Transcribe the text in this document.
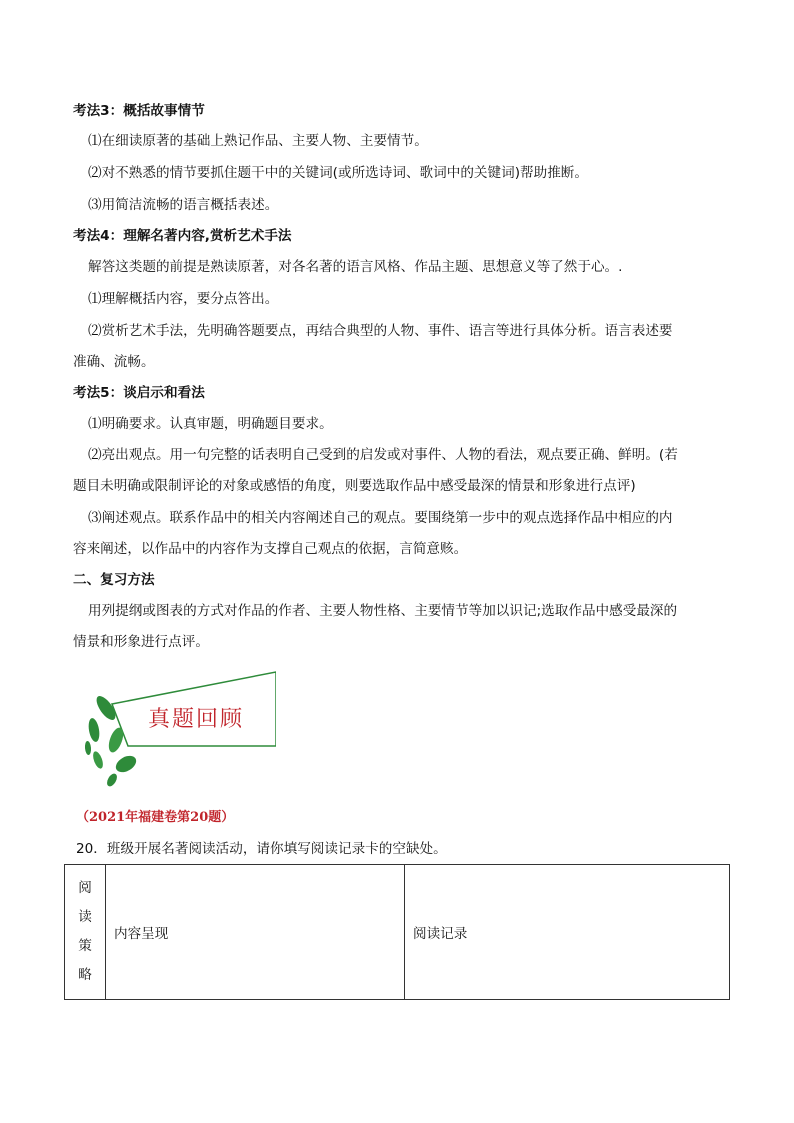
考法3：概括故事情节
⑴在细读原著的基础上熟记作品、主要人物、主要情节。
⑵对不熟悉的情节要抓住题干中的关键词(或所选诗词、歌词中的关键词)帮助推断。
⑶用简洁流畅的语言概括表述。
考法4：理解名著内容,赏析艺术手法
解答这类题的前提是熟读原著，对各名著的语言风格、作品主题、思想意义等了然于心。.
⑴理解概括内容，要分点答出。
⑵赏析艺术手法，先明确答题要点，再结合典型的人物、事件、语言等进行具体分析。语言表述要
准确、流畅。
考法5：谈启示和看法
⑴明确要求。认真审题，明确题目要求。
⑵亮出观点。用一句完整的话表明自己受到的启发或对事件、人物的看法，观点要正确、鲜明。(若
题目未明确或限制评论的对象或感悟的角度，则要选取作品中感受最深的情景和形象进行点评)
⑶阐述观点。联系作品中的相关内容阐述自己的观点。要围绕第一步中的观点选择作品中相应的内
容来阐述，以作品中的内容作为支撑自己观点的依据，言简意赅。
二、复习方法
用列提纲或图表的方式对作品的作者、主要人物性格、主要情节等加以识记;选取作品中感受最深的
情景和形象进行点评。
真题回顾
（2021年福建卷第20题）
20．班级开展名著阅读活动，请你填写阅读记录卡的空缺处。
阅
读
策
略
	内容呈现	阅读记录
